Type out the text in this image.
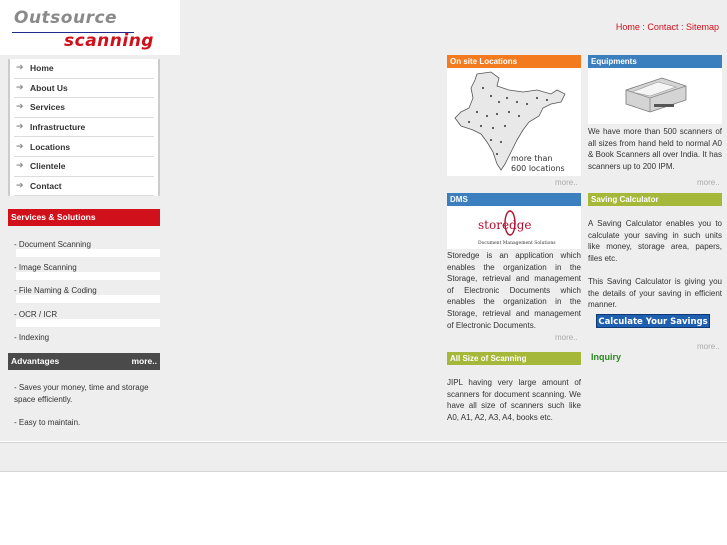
Outsource
scanning
Home : Contact : Sitemap
➔ Home
➔ About Us
➔ Services
➔ Infrastructure
➔ Locations
➔ Clientele
➔ Contact
Services & Solutions
- Document Scanning
- Image Scanning
- File Naming & Coding
- OCR / ICR
- Indexing
Advantages	more..
- Saves your money, time and storage space efficiently.
- Easy to maintain.
On site Locations
more than
600 locations
more..
Equipments
We have more than 500 scanners of all sizes from hand held to normal A0 & Book Scanners all over India. It has scanners up to 200 IPM.
more..
DMS
storedge
Document Management Solutions
Storedge is an application which enables the organization in the Storage, retrieval and management of Electronic Documents which enables the organization in the Storage, retrieval and management of Electronic Documents.
more..
Saving Calculator
A Saving Calculator enables you to calculate your saving in such units like money, storage area, papers, files etc.
This Saving Calculator is giving you the details of your saving in efficient manner.
Calculate Your Savings
more..
All Size of Scanning
JIPL having very large amount of scanners for document scanning. We have all size of scanners such like A0, A1, A2, A3, A4, books etc.
Inquiry
